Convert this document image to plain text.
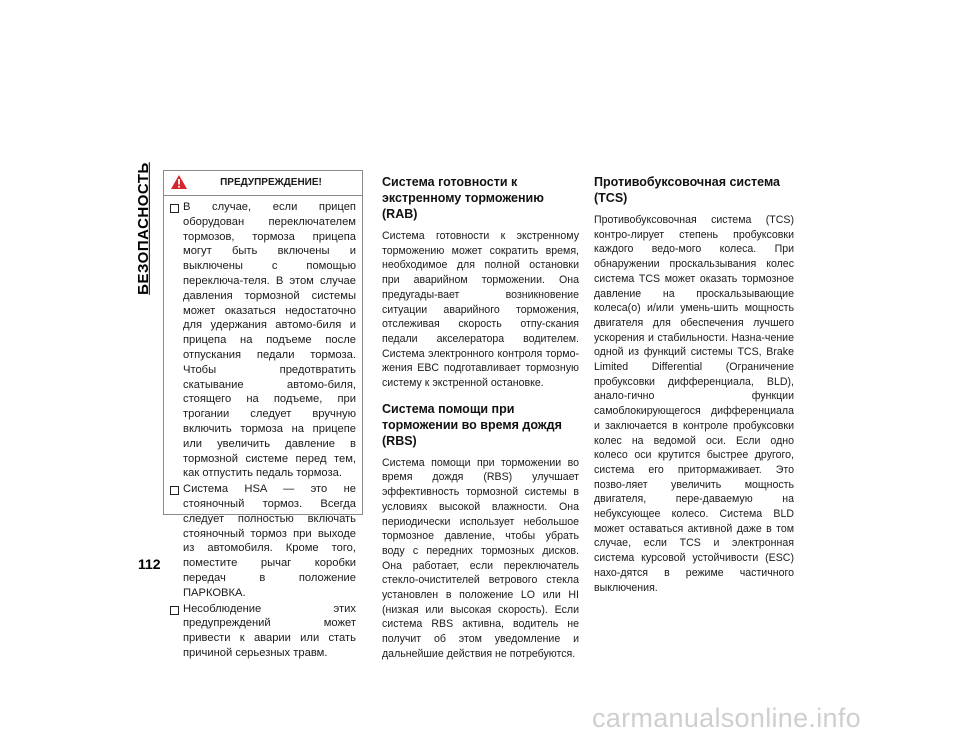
БЕЗОПАСНОСТЬ
112
ПРЕДУПРЕЖДЕНИЕ!
В случае, если прицеп оборудован переключателем тормозов, тормоза прицепа могут быть включены и выключены с помощью переключа-теля. В этом случае давления тормозной системы может оказаться недостаточно для удержания автомо-биля и прицепа на подъеме после отпускания педали тормоза. Чтобы предотвратить скатывание автомо-биля, стоящего на подъеме, при трогании следует вручную включить тормоза на прицепе или увеличить давление в тормозной системе перед тем, как отпустить педаль тормоза.
Система HSA — это не стояночный тормоз. Всегда следует полностью включать стояночный тормоз при выходе из автомобиля. Кроме того, поместите рычаг коробки передач в положение ПАРКОВКА.
Несоблюдение этих предупреждений может привести к аварии или стать причиной серьезных травм.
Система готовности к экстренному торможению (RAB)

Система готовности к экстренному торможению может сократить время, необходимое для полной остановки при аварийном торможении. Она предугады-вает возникновение ситуации аварийного торможения, отслеживая скорость отпу-скания педали акселератора водителем. Система электронного контроля тормо-жения EBC подготавливает тормозную систему к экстренной остановке.

Система помощи при торможении во время дождя (RBS)

Система помощи при торможении во время дождя (RBS) улучшает эффективность тормозной системы в условиях высокой влажности. Она периодически использует небольшое тормозное давление, чтобы убрать воду с передних тормозных дисков. Она работает, если переключатель стекло-очистителей ветрового стекла установлен в положение LO или HI (низкая или высокая скорость). Если система RBS активна, водитель не получит об этом уведомление и дальнейшие действия не потребуются.

Противобуксовочная система (TCS)

Противобуксовочная система (TCS) контро-лирует степень пробуксовки каждого ведо-мого колеса. При обнаружении проскальзывания колес система TCS может оказать тормозное давление на проскальзывающие колеса(о) и/или умень-шить мощность двигателя для обеспечения лучшего ускорения и стабильности. Назна-чение одной из функций системы TCS, Brake Limited Differential (Ограничение пробуксовки дифференциала, BLD), анало-гично функции самоблокирующегося дифференциала и заключается в контроле пробуксовки колес на ведомой оси. Если одно колесо оси крутится быстрее другого, система его притормаживает. Это позво-ляет увеличить мощность двигателя, пере-даваемую на небуксующее колесо. Система BLD может оставаться активной даже в том случае, если TCS и электронная система курсовой устойчивости (ESC) нахо-дятся в режиме частичного выключения.

carmanualsonline.info
